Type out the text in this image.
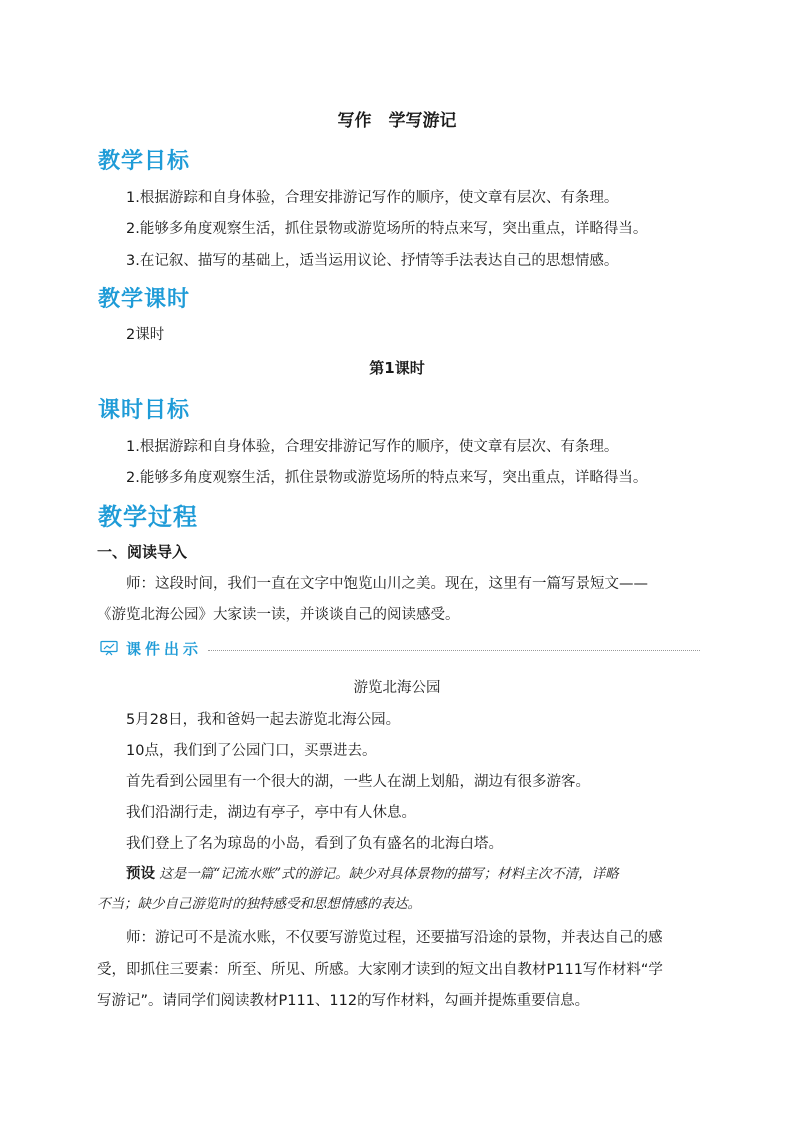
写作　学写游记
教学目标
1.根据游踪和自身体验，合理安排游记写作的顺序，使文章有层次、有条理。
2.能够多角度观察生活，抓住景物或游览场所的特点来写，突出重点，详略得当。
3.在记叙、描写的基础上，适当运用议论、抒情等手法表达自己的思想情感。
教学课时
2课时
第1课时
课时目标
1.根据游踪和自身体验，合理安排游记写作的顺序，使文章有层次、有条理。
2.能够多角度观察生活，抓住景物或游览场所的特点来写，突出重点，详略得当。
教学过程
一、阅读导入
师：这段时间，我们一直在文字中饱览山川之美。现在，这里有一篇写景短文——
《游览北海公园》大家读一读，并谈谈自己的阅读感受。
课件出示
游览北海公园
5月28日，我和爸妈一起去游览北海公园。
10点，我们到了公园门口，买票进去。
首先看到公园里有一个很大的湖，一些人在湖上划船，湖边有很多游客。
我们沿湖行走，湖边有亭子，亭中有人休息。
我们登上了名为琼岛的小岛，看到了负有盛名的北海白塔。
预设 这是一篇“记流水账”式的游记。缺少对具体景物的描写；材料主次不清，详略
不当；缺少自己游览时的独特感受和思想情感的表达。
师：游记可不是流水账，不仅要写游览过程，还要描写沿途的景物，并表达自己的感
受，即抓住三要素：所至、所见、所感。大家刚才读到的短文出自教材P111写作材料“学
写游记”。请同学们阅读教材P111、112的写作材料，勾画并提炼重要信息。
